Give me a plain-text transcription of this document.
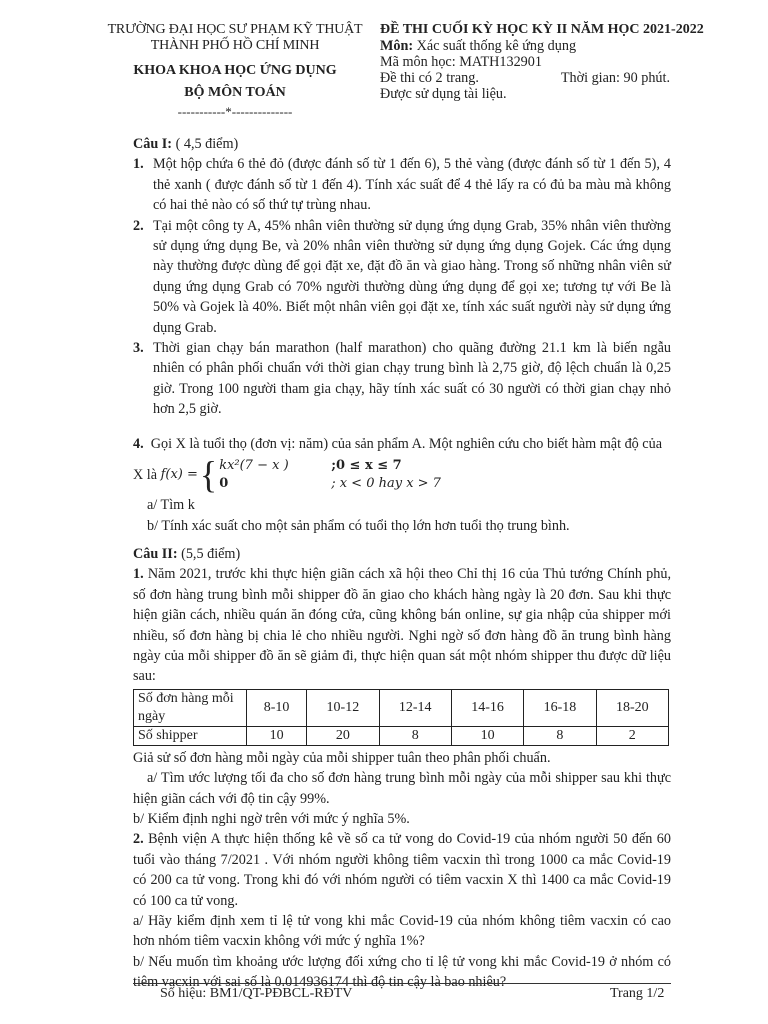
TRƯỜNG ĐẠI HỌC SƯ PHẠM KỸ THUẬT
THÀNH PHỐ HỒ CHÍ MINH
KHOA KHOA HỌC ỨNG DỤNG
BỘ MÔN TOÁN
-----------*--------------
ĐỀ THI CUỐI KỲ HỌC KỲ II NĂM HỌC 2021-2022
Môn: Xác suất thống kê ứng dụng
Mã môn học: MATH132901
Đề thi có 2 trang.	Thời gian: 90 phút.
Được sử dụng tài liệu.

Câu I: ( 4,5 điểm)

1. Một hộp chứa 6 thẻ đỏ (được đánh số từ 1 đến 6), 5 thẻ vàng (được đánh số từ 1 đến 5), 4 thẻ xanh ( được đánh số từ 1 đến 4). Tính xác suất để 4 thẻ lấy ra có đủ ba màu mà không có hai thẻ nào có số thứ tự trùng nhau.

2. Tại một công ty A, 45% nhân viên thường sử dụng ứng dụng Grab, 35% nhân viên thường sử dụng ứng dụng Be, và 20% nhân viên thường sử dụng ứng dụng Gojek. Các ứng dụng này thường được dùng để gọi đặt xe, đặt đồ ăn và giao hàng. Trong số những nhân viên sử dụng ứng dụng Grab có 70% người thường dùng ứng dụng để gọi xe; tương tự với Be là 50% và Gojek là 40%. Biết một nhân viên gọi đặt xe, tính xác suất người này sử dụng ứng dụng Grab.

3. Thời gian chạy bán marathon (half marathon) cho quãng đường 21.1 km là biến ngẫu nhiên có phân phối chuẩn với thời gian chạy trung bình là 2,75 giờ, độ lệch chuẩn là 0,25 giờ. Trong 100 người tham gia chạy, hãy tính xác suất có 30 người có thời gian chạy nhỏ hơn 2,5 giờ.

4. Gọi X là tuổi thọ (đơn vị: năm) của sản phẩm A. Một nghiên cứu cho biết hàm mật độ của

X là
f(x) = { kx²(7 − x )	;0 ≤ x ≤ 7
0	; x < 0 hay x > 7

a/ Tìm k

b/ Tính xác suất cho một sản phẩm có tuổi thọ lớn hơn tuổi thọ trung bình.

Câu II: (5,5 điểm)

1. Năm 2021, trước khi thực hiện giãn cách xã hội theo Chỉ thị 16 của Thủ tướng Chính phủ, số đơn hàng trung bình mỗi shipper đồ ăn giao cho khách hàng ngày là 20 đơn. Sau khi thực hiện giãn cách, nhiều quán ăn đóng cửa, cũng không bán online, sự gia nhập của shipper mới nhiều, số đơn hàng bị chia lẻ cho nhiều người. Nghi ngờ số đơn hàng đồ ăn trung bình hàng ngày của mỗi shipper đồ ăn sẽ giảm đi, thực hiện quan sát một nhóm shipper thu được dữ liệu sau:

Số đơn hàng mỗi ngày	8-10	10-12	12-14	14-16	16-18	18-20
Số shipper	10	20	8	10	8	2

Giả sử số đơn hàng mỗi ngày của mỗi shipper tuân theo phân phối chuẩn.

a/ Tìm ước lượng tối đa cho số đơn hàng trung bình mỗi ngày của mỗi shipper sau khi thực hiện giãn cách với độ tin cậy 99%.

b/ Kiểm định nghi ngờ trên với mức ý nghĩa 5%.

2. Bệnh viện A thực hiện thống kê về số ca tử vong do Covid-19 của nhóm người 50 đến 60 tuổi vào tháng 7/2021 . Với nhóm người không tiêm vacxin thì trong 1000 ca mắc Covid-19 có 200 ca tử vong. Trong khi đó với nhóm người có tiêm vacxin X thì 1400 ca mắc Covid-19 có 100 ca tử vong.

a/ Hãy kiểm định xem tỉ lệ tử vong khi mắc Covid-19 của nhóm không tiêm vacxin có cao hơn nhóm tiêm vacxin không với mức ý nghĩa 1%?

b/ Nếu muốn tìm khoảng ước lượng đối xứng cho tỉ lệ tử vong khi mắc Covid-19 ở nhóm có tiêm vacxin với sai số là 0.014936174 thì độ tin cậy là bao nhiêu?

Số hiệu: BM1/QT-PĐBCL-RĐTV	Trang 1/2
